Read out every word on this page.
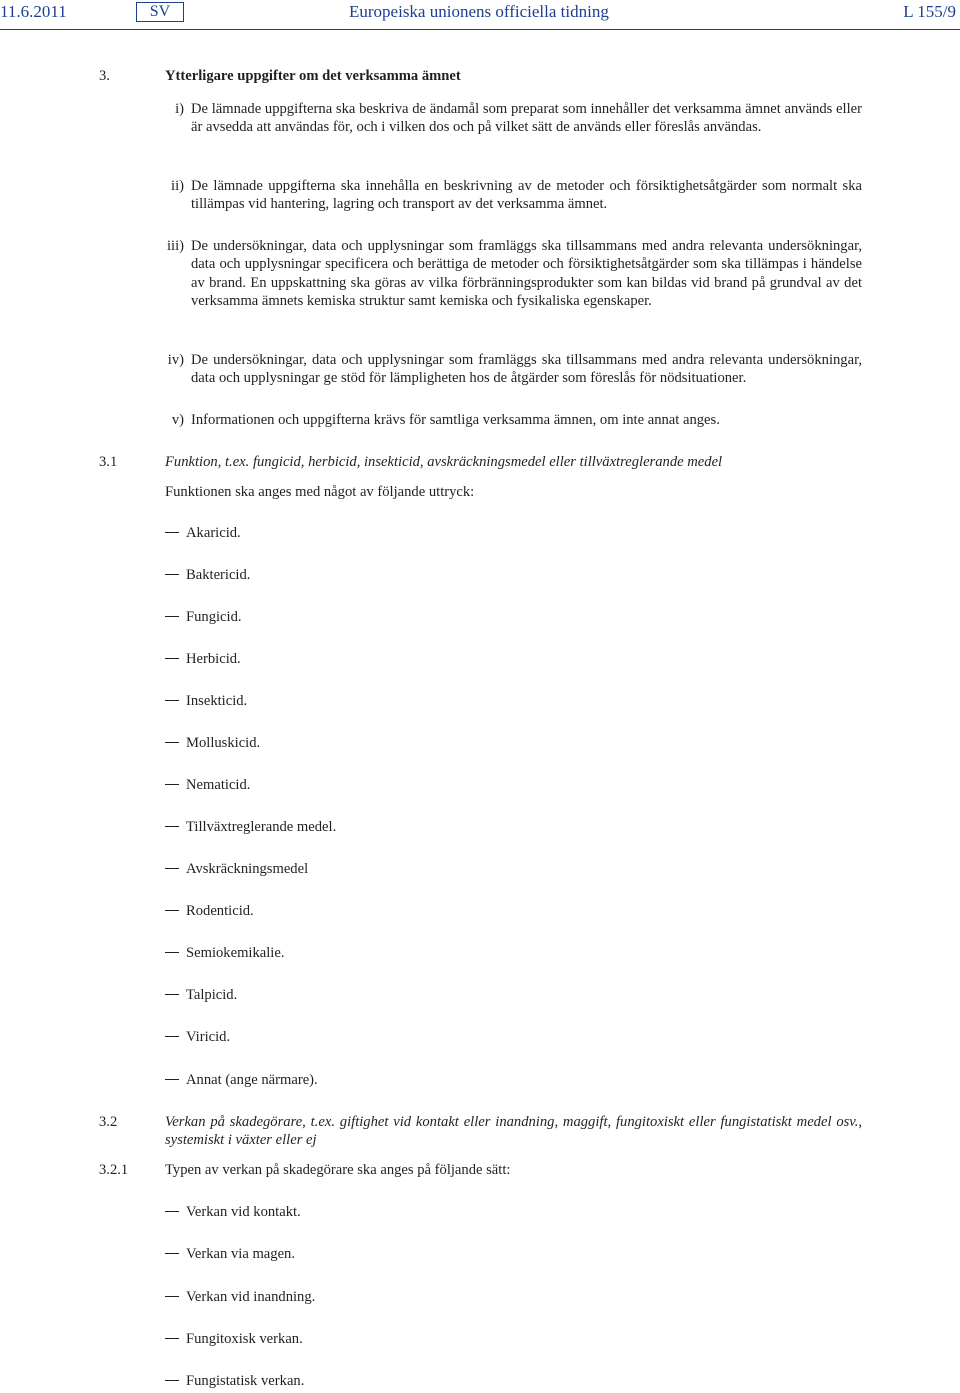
11.6.2011	SV	Europeiska unionens officiella tidning	L 155/9
3.	Ytterligare uppgifter om det verksamma ämnet
i) De lämnade uppgifterna ska beskriva de ändamål som preparat som innehåller det verksamma ämnet används eller är avsedda att användas för, och i vilken dos och på vilket sätt de används eller föreslås användas.
ii) De lämnade uppgifterna ska innehålla en beskrivning av de metoder och försiktighetsåtgärder som normalt ska tillämpas vid hantering, lagring och transport av det verksamma ämnet.
iii) De undersökningar, data och upplysningar som framläggs ska tillsammans med andra relevanta undersökningar, data och upplysningar specificera och berättiga de metoder och försiktighetsåtgärder som ska tillämpas i händelse av brand. En uppskattning ska göras av vilka förbränningsprodukter som kan bildas vid brand på grundval av det verksamma ämnets kemiska struktur samt kemiska och fysikaliska egenskaper.
iv) De undersökningar, data och upplysningar som framläggs ska tillsammans med andra relevanta undersökningar, data och upplysningar ge stöd för lämpligheten hos de åtgärder som föreslås för nödsituationer.
v) Informationen och uppgifterna krävs för samtliga verksamma ämnen, om inte annat anges.
3.1	Funktion, t.ex. fungicid, herbicid, insekticid, avskräckningsmedel eller tillväxtreglerande medel
Funktionen ska anges med något av följande uttryck:
Akaricid.
Baktericid.
Fungicid.
Herbicid.
Insekticid.
Molluskicid.
Nematicid.
Tillväxtreglerande medel.
Avskräckningsmedel
Rodenticid.
Semiokemikalie.
Talpicid.
Viricid.
Annat (ange närmare).
3.2	Verkan på skadegörare, t.ex. giftighet vid kontakt eller inandning, maggift, fungitoxiskt eller fungistatiskt medel osv., systemiskt i växter eller ej
3.2.1	Typen av verkan på skadegörare ska anges på följande sätt:
Verkan vid kontakt.
Verkan via magen.
Verkan vid inandning.
Fungitoxisk verkan.
Fungistatisk verkan.
